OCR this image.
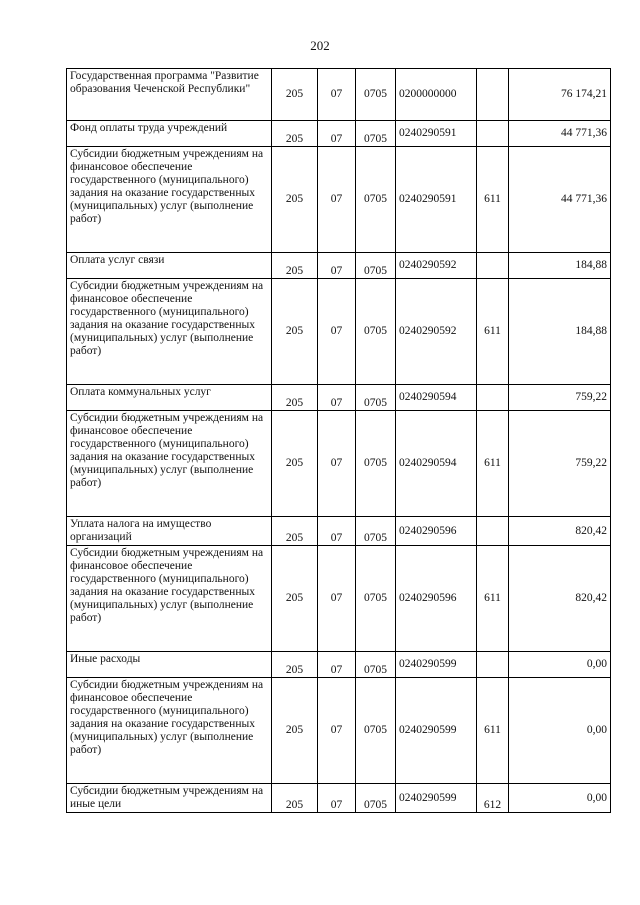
202
Государственная программа "Развитие образования Чеченской Республики"	205	07	0705	0200000000		76 174,21
Фонд оплаты труда учреждений	205	07	0705	0240290591		44 771,36
Субсидии бюджетным учреждениям на финансовое обеспечение государственного (муниципального) задания на оказание государственных (муниципальных) услуг (выполнение работ)	205	07	0705	0240290591	611	44 771,36
Оплата услуг связи	205	07	0705	0240290592		184,88
Субсидии бюджетным учреждениям на финансовое обеспечение государственного (муниципального) задания на оказание государственных (муниципальных) услуг (выполнение работ)	205	07	0705	0240290592	611	184,88
Оплата коммунальных услуг	205	07	0705	0240290594		759,22
Субсидии бюджетным учреждениям на финансовое обеспечение государственного (муниципального) задания на оказание государственных (муниципальных) услуг (выполнение работ)	205	07	0705	0240290594	611	759,22
Уплата налога на имущество организаций	205	07	0705	0240290596		820,42
Субсидии бюджетным учреждениям на финансовое обеспечение государственного (муниципального) задания на оказание государственных (муниципальных) услуг (выполнение работ)	205	07	0705	0240290596	611	820,42
Иные расходы	205	07	0705	0240290599		0,00
Субсидии бюджетным учреждениям на финансовое обеспечение государственного (муниципального) задания на оказание государственных (муниципальных) услуг (выполнение работ)	205	07	0705	0240290599	611	0,00
Субсидии бюджетным учреждениям на иные цели	205	07	0705	0240290599	612	0,00
